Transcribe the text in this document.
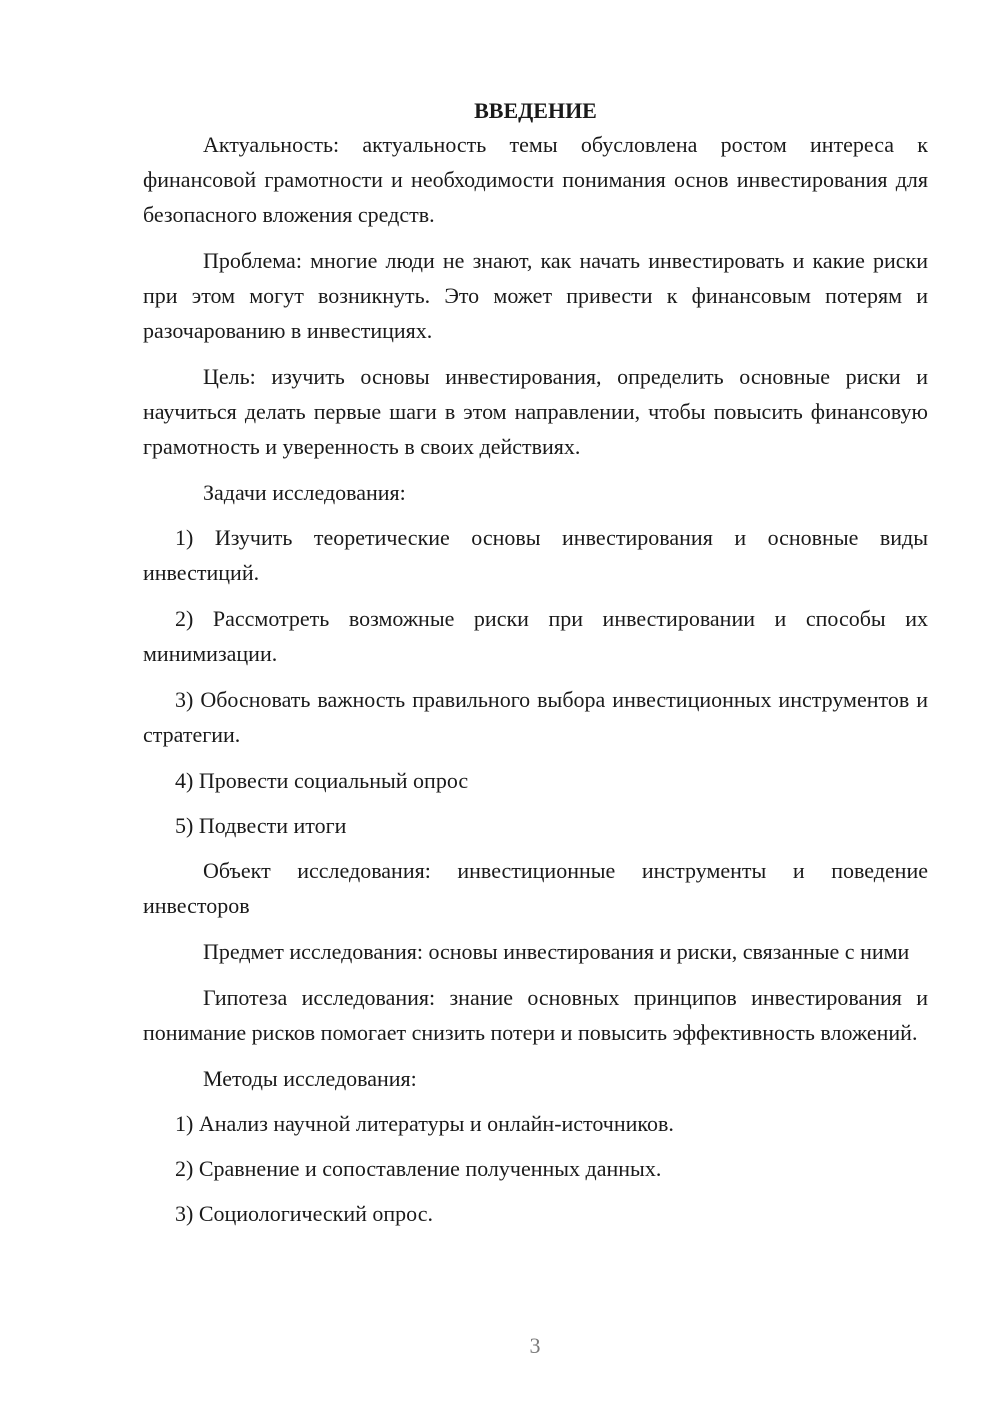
ВВЕДЕНИЕ

Актуальность: актуальность темы обусловлена ростом интереса к финансовой грамотности и необходимости понимания основ инвестирования для безопасного вложения средств.

Проблема: многие люди не знают, как начать инвестировать и какие риски при этом могут возникнуть. Это может привести к финансовым потерям и разочарованию в инвестициях.

Цель: изучить основы инвестирования, определить основные риски и научиться делать первые шаги в этом направлении, чтобы повысить финансовую грамотность и уверенность в своих действиях.

Задачи исследования:

1) Изучить теоретические основы инвестирования и основные виды инвестиций.

2) Рассмотреть возможные риски при инвестировании и способы их минимизации.

3) Обосновать важность правильного выбора инвестиционных инструментов и стратегии.

4) Провести социальный опрос

5) Подвести итоги

Объект исследования: инвестиционные инструменты и поведение инвесторов

Предмет исследования: основы инвестирования и риски, связанные с ними

Гипотеза исследования: знание основных принципов инвестирования и понимание рисков помогает снизить потери и повысить эффективность вложений.

Методы исследования:

1) Анализ научной литературы и онлайн-источников.

2) Сравнение и сопоставление полученных данных.

3) Социологический опрос.

3
